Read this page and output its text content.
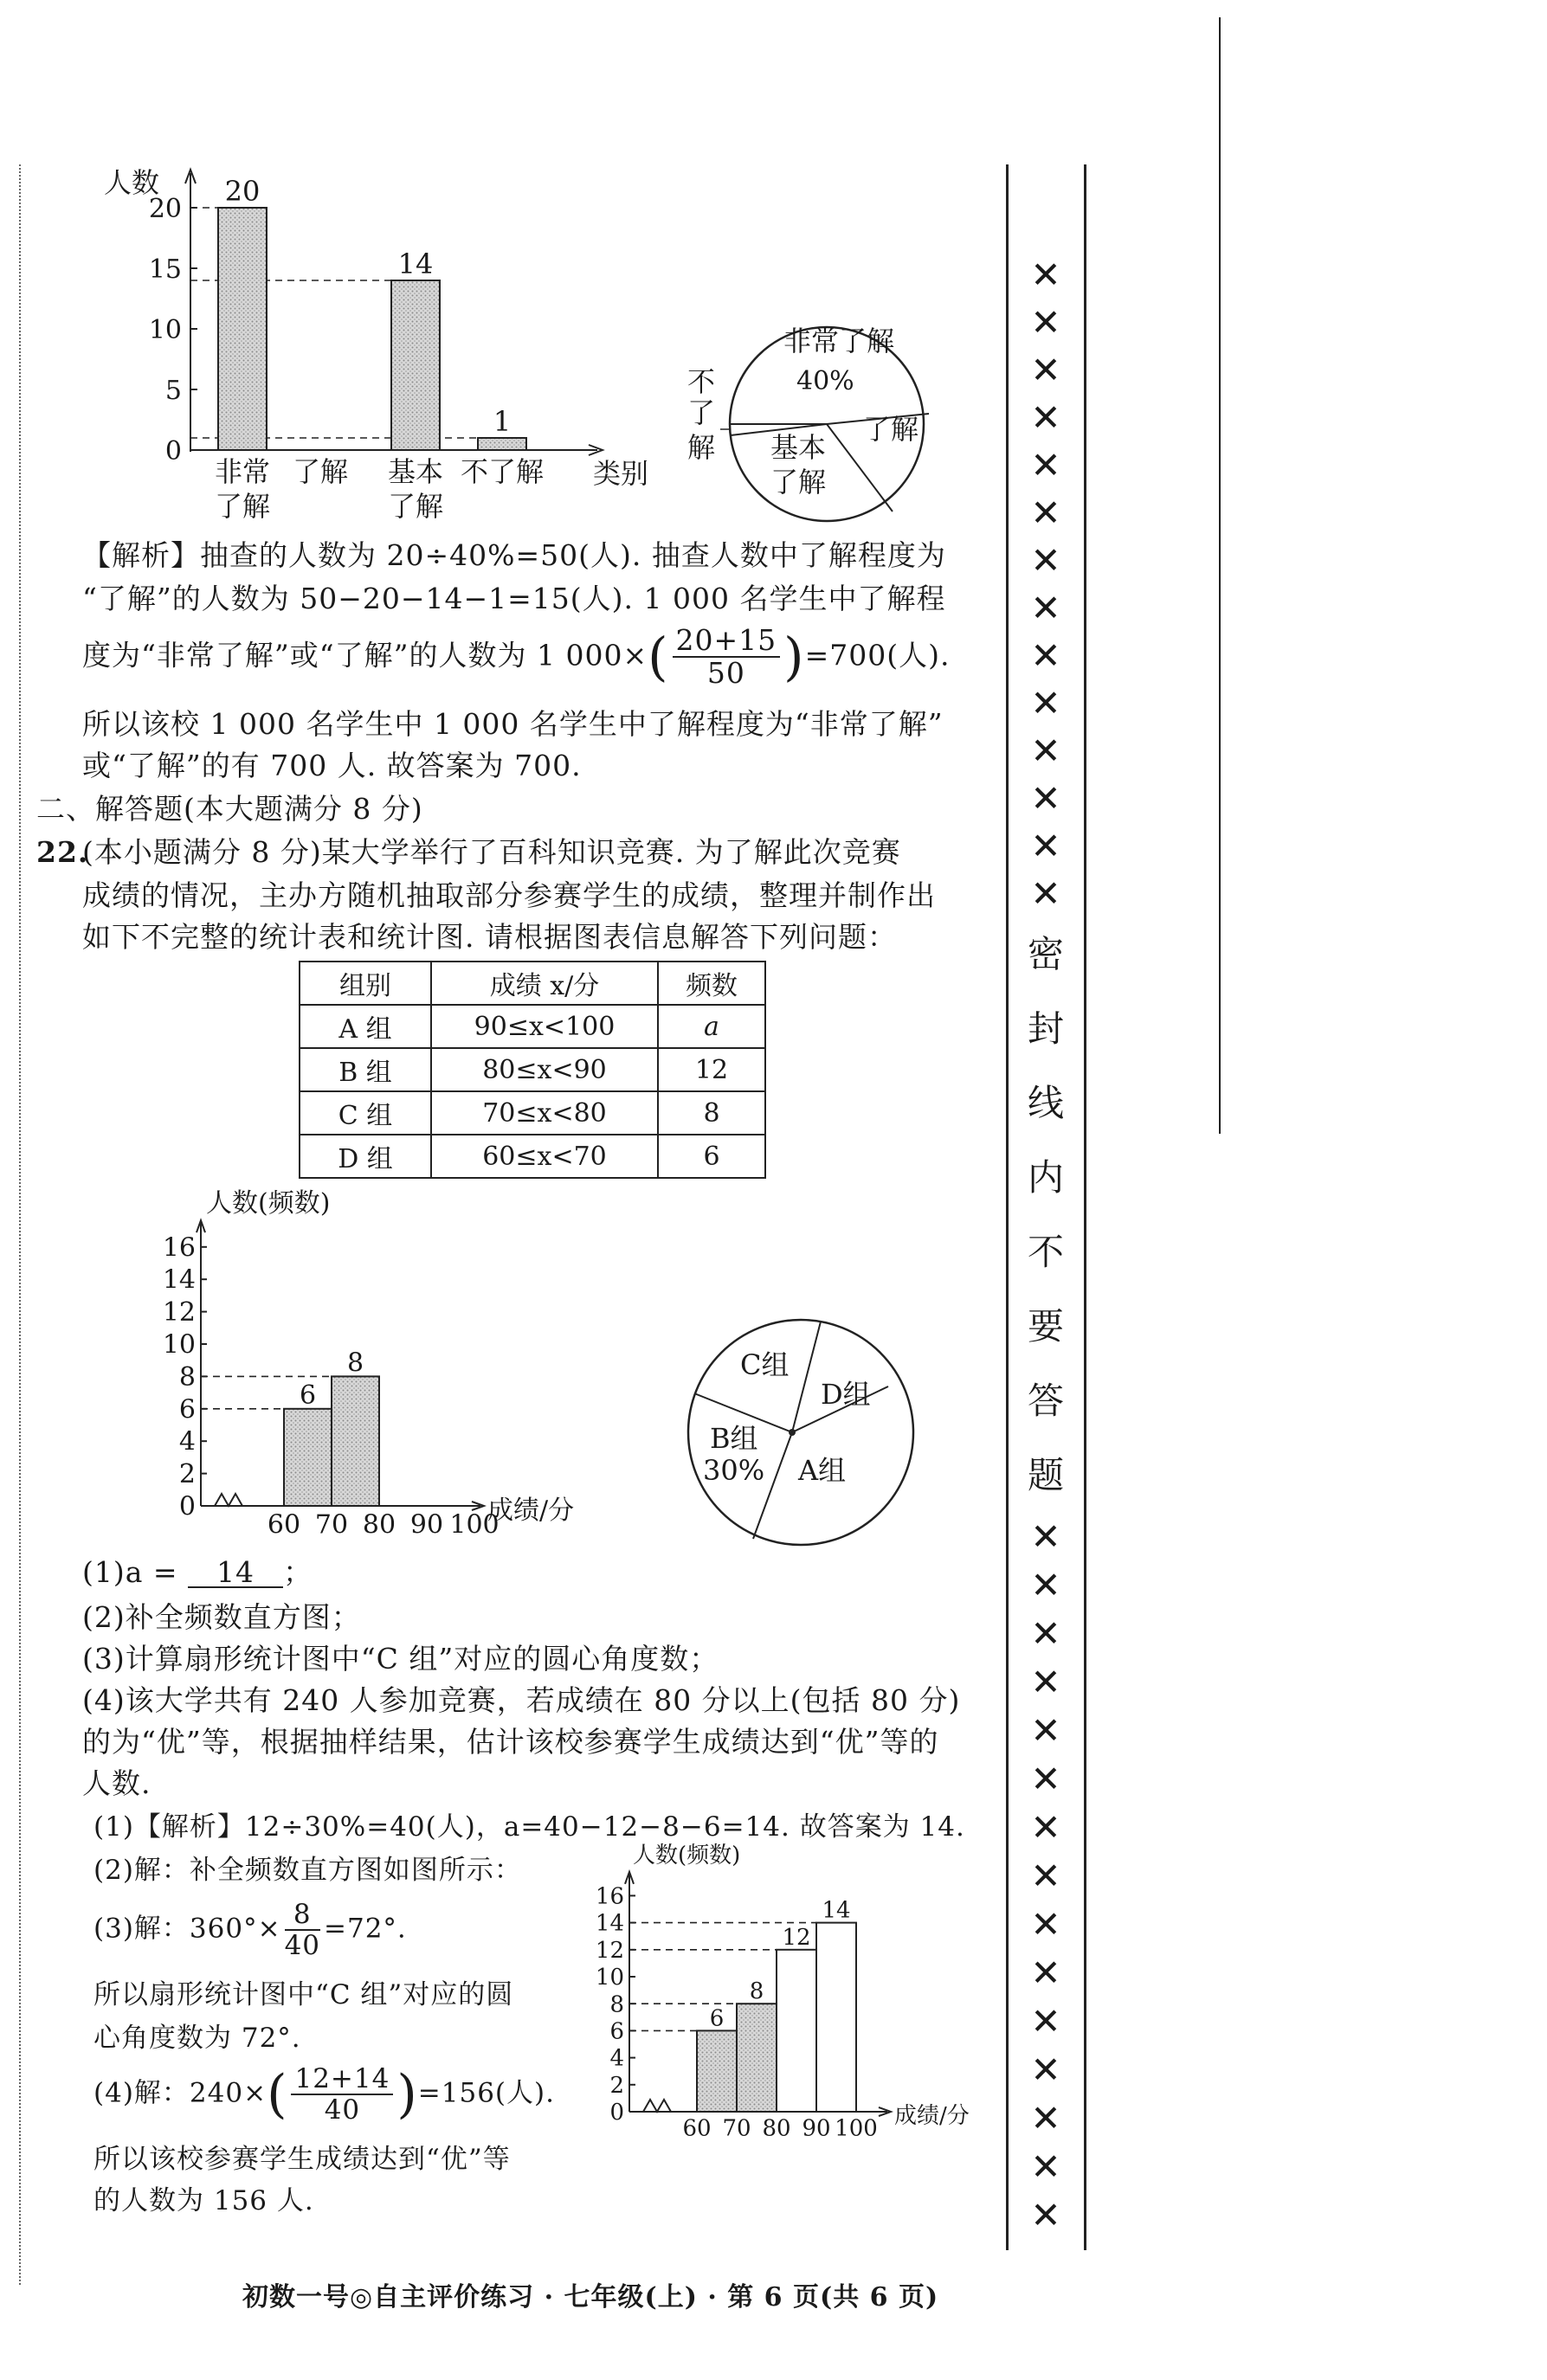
人数
类别
0
5
10
15
20
20
非常
了解
了解
14
基本
了解
1
不了解
非常了解
40%
了解
基本
了解
不
了
解
【解析】抽查的人数为 20÷40%=50(人). 抽查人数中了解程度为
“了解”的人数为 50−20−14−1=15(人). 1 000 名学生中了解程
度为“非常了解”或“了解”的人数为 1 $000\times( \frac{20+15}{50} )=700$(人).
所以该校 1 000 名学生中 1 000 名学生中了解程度为“非常了解”
或“了解”的有 700 人. 故答案为 700.
二、解答题(本大题满分 8 分)
22.
(本小题满分 8 分)某大学举行了百科知识竞赛. 为了解此次竞赛
成绩的情况，主办方随机抽取部分参赛学生的成绩，整理并制作出
如下不完整的统计表和统计图. 请根据图表信息解答下列问题：
组别	成绩 x/分	频数
A 组	90≤x<100	a
B 组	80≤x<90	12
C 组	70≤x<80	8
D 组	60≤x<70	6
人数(频数)
成绩/分
0
2
4
6
8
10
12
14
16
60 70 80 90 100
6
8	C组
D组
A组
B组
30%
(1)a = 14 ；
(2)补全频数直方图；
(3)计算扇形统计图中“C 组”对应的圆心角度数；
(4)该大学共有 240 人参加竞赛，若成绩在 80 分以上(包括 80 分)
的为“优”等，根据抽样结果，估计该校参赛学生成绩达到“优”等的
人数.
(1)【解析】12÷30%=40(人)，a=40−12−8−6=14. 故答案为 14.
(2)解：补全频数直方图如图所示：
(3)解：$360^\circ\times \frac{8}{40} =72^\circ$.
所以扇形统计图中“C 组”对应的圆
心角度数为 72°.
(4)解：$240\times( \frac{12+14}{40} )=156$(人).
所以该校参赛学生成绩达到“优”等
的人数为 156 人.
人数(频数)
成绩/分
0
2
4
6
8
10
12
14
16
60 70 80 90 100
6
8
12
14
✕
✕
✕
✕
✕
✕
✕
✕
✕
✕
✕
✕
✕
✕
密
封
线
内
不
要
答
题
✕
✕
✕
✕
✕
✕
✕
✕
✕
✕
✕
✕
✕
✕
✕
初数一号◎自主评价练习 · 七年级(上) · 第 6 页(共 6 页)
